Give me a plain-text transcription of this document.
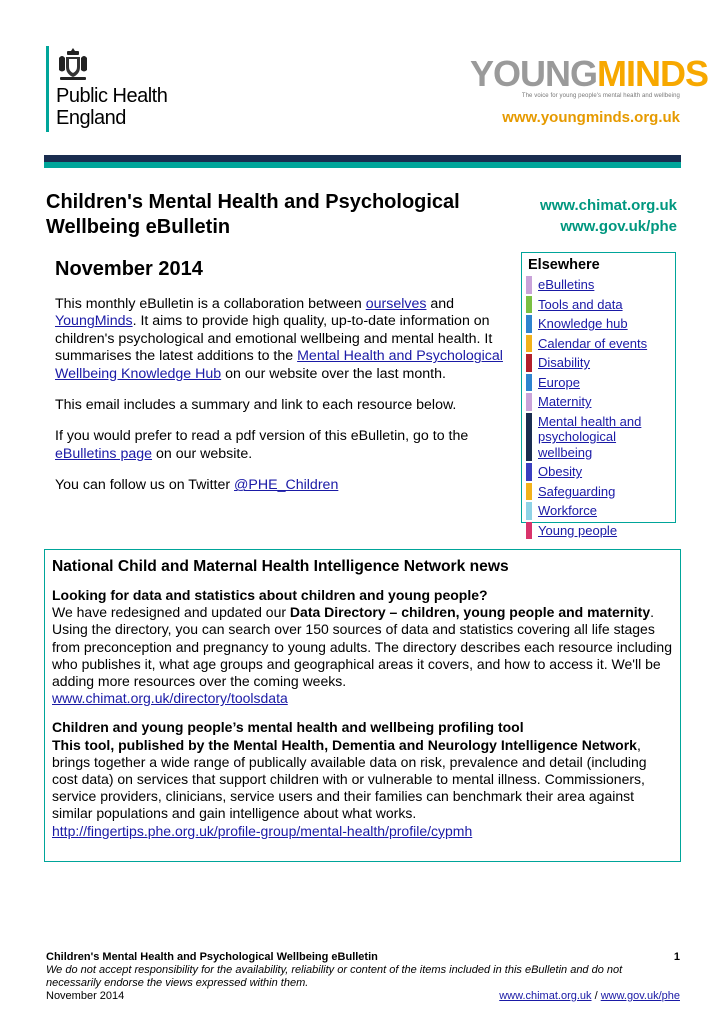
Public Health
England
YOUNGMINDS
The voice for young people's mental health and wellbeing
www.youngminds.org.uk
Children's Mental Health and Psychological
Wellbeing eBulletin
www.chimat.org.uk
www.gov.uk/phe
November 2014

This monthly eBulletin is a collaboration between ourselves and YoungMinds. It aims to provide high quality, up-to-date information on children's psychological and emotional wellbeing and mental health. It summarises the latest additions to the Mental Health and Psychological Wellbeing Knowledge Hub on our website over the last month.

This email includes a summary and link to each resource below.

If you would prefer to read a pdf version of this eBulletin, go to the eBulletins page on our website.

You can follow us on Twitter @PHE_Children

Elsewhere
eBulletins
Tools and data
Knowledge hub
Calendar of events
Disability
Europe
Maternity
Mental health and psychological wellbeing
Obesity
Safeguarding
Workforce
Young people
National Child and Maternal Health Intelligence Network news

Looking for data and statistics about children and young people?

We have redesigned and updated our Data Directory – children, young people and maternity. Using the directory, you can search over 150 sources of data and statistics covering all life stages from preconception and pregnancy to young adults. The directory describes each resource including who publishes it, what age groups and geographical areas it covers, and how to access it. We'll be adding more resources over the coming weeks.

www.chimat.org.uk/directory/toolsdata

Children and young people’s mental health and wellbeing profiling tool

This tool, published by the Mental Health, Dementia and Neurology Intelligence Network, brings together a wide range of publically available data on risk, prevalence and detail (including cost data) on services that support children with or vulnerable to mental illness. Commissioners, service providers, clinicians, service users and their families can benchmark their area against similar populations and gain intelligence about what works.

http://fingertips.phe.org.uk/profile-group/mental-health/profile/cypmh

Children's Mental Health and Psychological Wellbeing eBulletin	1
We do not accept responsibility for the availability, reliability or content of the items included in this eBulletin and do not necessarily endorse the views expressed within them.
November 2014	www.chimat.org.uk / www.gov.uk/phe
